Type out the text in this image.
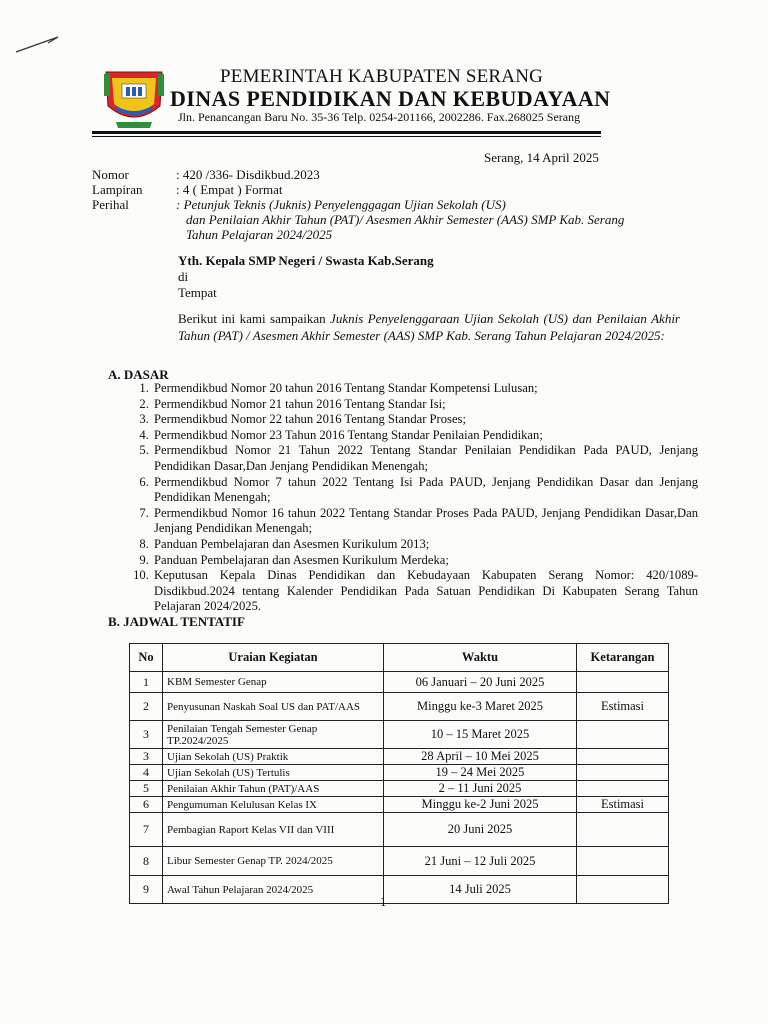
PEMERINTAH KABUPATEN SERANG
DINAS PENDIDIKAN DAN KEBUDAYAAN
Jln. Penancangan Baru No. 35-36 Telp. 0254-201166, 2002286. Fax.268025 Serang
Serang, 14 April 2025
Nomor	: 420 /336- Disdikbud.2023
Lampiran	: 4 ( Empat ) Format
Perihal	: Petunjuk Teknis (Juknis) Penyelenggagan Ujian Sekolah (US)
dan Penilaian Akhir Tahun (PAT)/ Asesmen Akhir Semester (AAS) SMP Kab. Serang
Tahun Pelajaran 2024/2025
Yth. Kepala SMP Negeri / Swasta Kab.Serang
di
Tempat
Berikut ini kami sampaikan Juknis Penyelenggaraan Ujian Sekolah (US) dan Penilaian Akhir Tahun (PAT) / Asesmen Akhir Semester (AAS) SMP Kab. Serang Tahun Pelajaran 2024/2025:
A. DASAR
1. Permendikbud Nomor 20 tahun 2016 Tentang Standar Kompetensi Lulusan;
2. Permendikbud Nomor 21 tahun 2016 Tentang Standar Isi;
3. Permendikbud Nomor 22 tahun 2016 Tentang Standar Proses;
4. Permendikbud Nomor 23 Tahun 2016 Tentang Standar Penilaian Pendidikan;
5. Permendikbud Nomor 21 Tahun 2022 Tentang Standar Penilaian Pendidikan Pada PAUD, Jenjang Pendidikan Dasar,Dan Jenjang Pendidikan Menengah;
6. Permendikbud Nomor 7 tahun 2022 Tentang Isi Pada PAUD, Jenjang Pendidikan Dasar dan Jenjang Pendidikan Menengah;
7. Permendikbud Nomor 16 tahun 2022 Tentang Standar Proses Pada PAUD, Jenjang Pendidikan Dasar,Dan Jenjang Pendidikan Menengah;
8. Panduan Pembelajaran dan Asesmen Kurikulum 2013;
9. Panduan Pembelajaran dan Asesmen Kurikulum Merdeka;
10. Keputusan Kepala Dinas Pendidikan dan Kebudayaan Kabupaten Serang Nomor: 420/1089-Disdikbud.2024 tentang Kalender Pendidikan Pada Satuan Pendidikan Di Kabupaten Serang Tahun Pelajaran 2024/2025.
B. JADWAL TENTATIF
No	Uraian Kegiatan	Waktu	Ketarangan
1	KBM Semester Genap	06 Januari – 20 Juni 2025	
2	Penyusunan Naskah Soal US dan PAT/AAS	Minggu ke-3 Maret 2025	Estimasi
3	Penilaian Tengah Semester Genap TP.2024/2025	10 – 15 Maret 2025	
3	Ujian Sekolah (US) Praktik	28 April – 10 Mei 2025	
4	Ujian Sekolah (US) Tertulis	19 – 24 Mei 2025	
5	Penilaian Akhir Tahun (PAT)/AAS	2 – 11 Juni 2025	
6	Pengumuman Kelulusan Kelas IX	Minggu ke-2 Juni 2025	Estimasi
7	Pembagian Raport Kelas VII dan VIII	20 Juni 2025	
8	Libur Semester Genap TP. 2024/2025	21 Juni – 12 Juli 2025	
9	Awal Tahun Pelajaran 2024/2025	14 Juli 2025	
1
